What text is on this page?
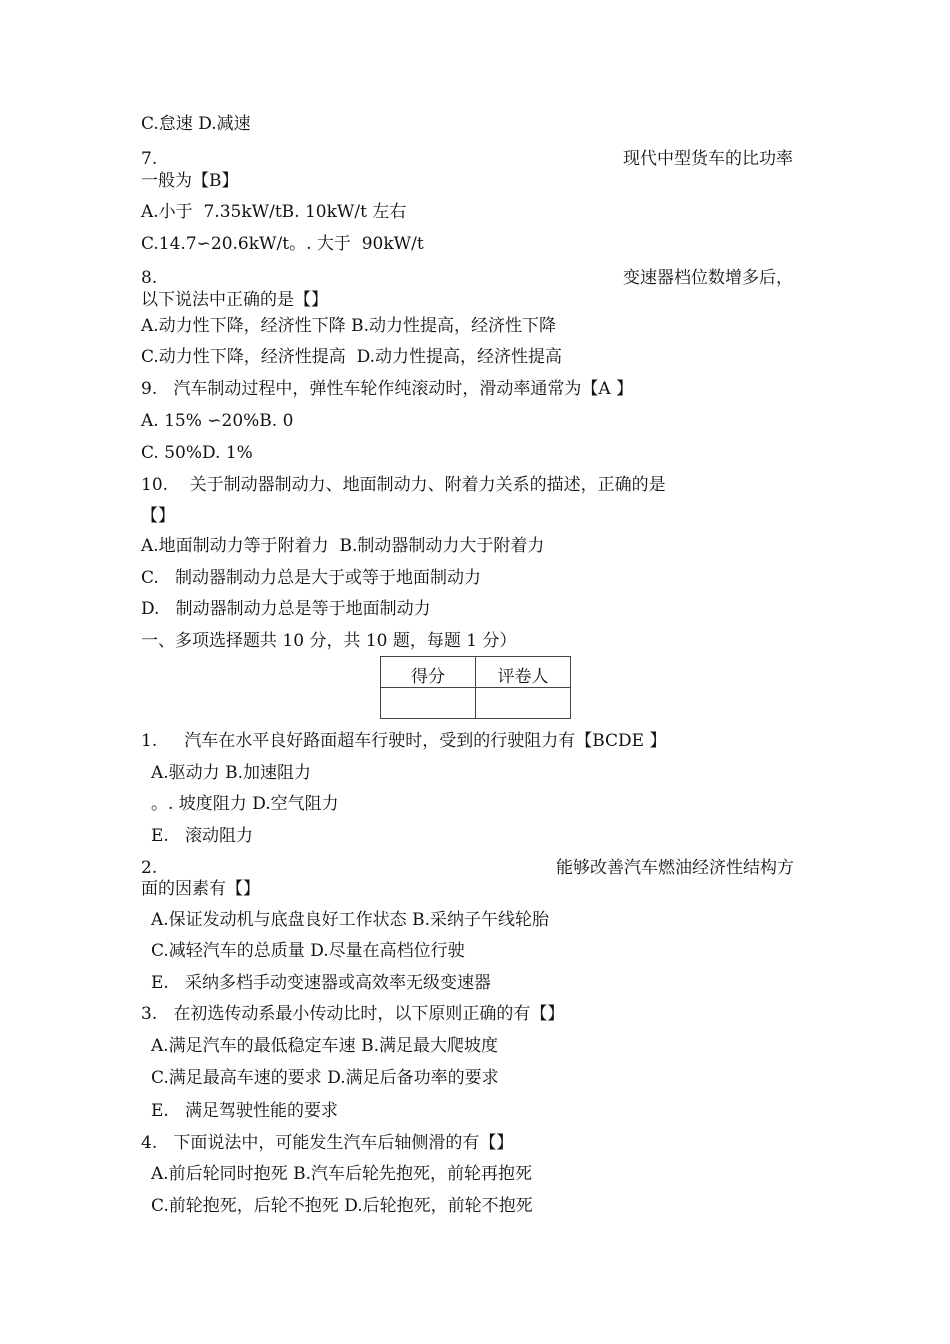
C.怠速 D.减速
7.	现代中型货车的比功率
一般为【B】
A.小于  7.35kW/tB. 10kW/t 左右
C.14.7∽20.6kW/t。. 大于  90kW/t
8.	变速器档位数增多后，
以下说法中正确的是【】
A.动力性下降，经济性下降 B.动力性提高，经济性下降
C.动力性下降，经济性提高  D.动力性提高，经济性提高
9.   汽车制动过程中，弹性车轮作纯滚动时，滑动率通常为【A 】
A. 15% ∽20%B. 0
C. 50%D. 1%
10.    关于制动器制动力、地面制动力、附着力关系的描述，正确的是
【】
A.地面制动力等于附着力  B.制动器制动力大于附着力
C.   制动器制动力总是大于或等于地面制动力
D.   制动器制动力总是等于地面制动力
一、多项选择题共 10 分，共 10 题，每题 1 分）
得分	评卷人

1.     汽车在水平良好路面超车行驶时，受到的行驶阻力有【BCDE 】
A.驱动力 B.加速阻力
。. 坡度阻力 D.空气阻力
E.   滚动阻力
2.	能够改善汽车燃油经济性结构方
面的因素有【】
A.保证发动机与底盘良好工作状态 B.采纳子午线轮胎
C.减轻汽车的总质量 D.尽量在高档位行驶
E.   采纳多档手动变速器或高效率无级变速器
3.   在初选传动系最小传动比时，以下原则正确的有【】
A.满足汽车的最低稳定车速 B.满足最大爬坡度
C.满足最高车速的要求 D.满足后备功率的要求
E.   满足驾驶性能的要求
4.   下面说法中，可能发生汽车后轴侧滑的有【】
A.前后轮同时抱死 B.汽车后轮先抱死，前轮再抱死
C.前轮抱死，后轮不抱死 D.后轮抱死，前轮不抱死
